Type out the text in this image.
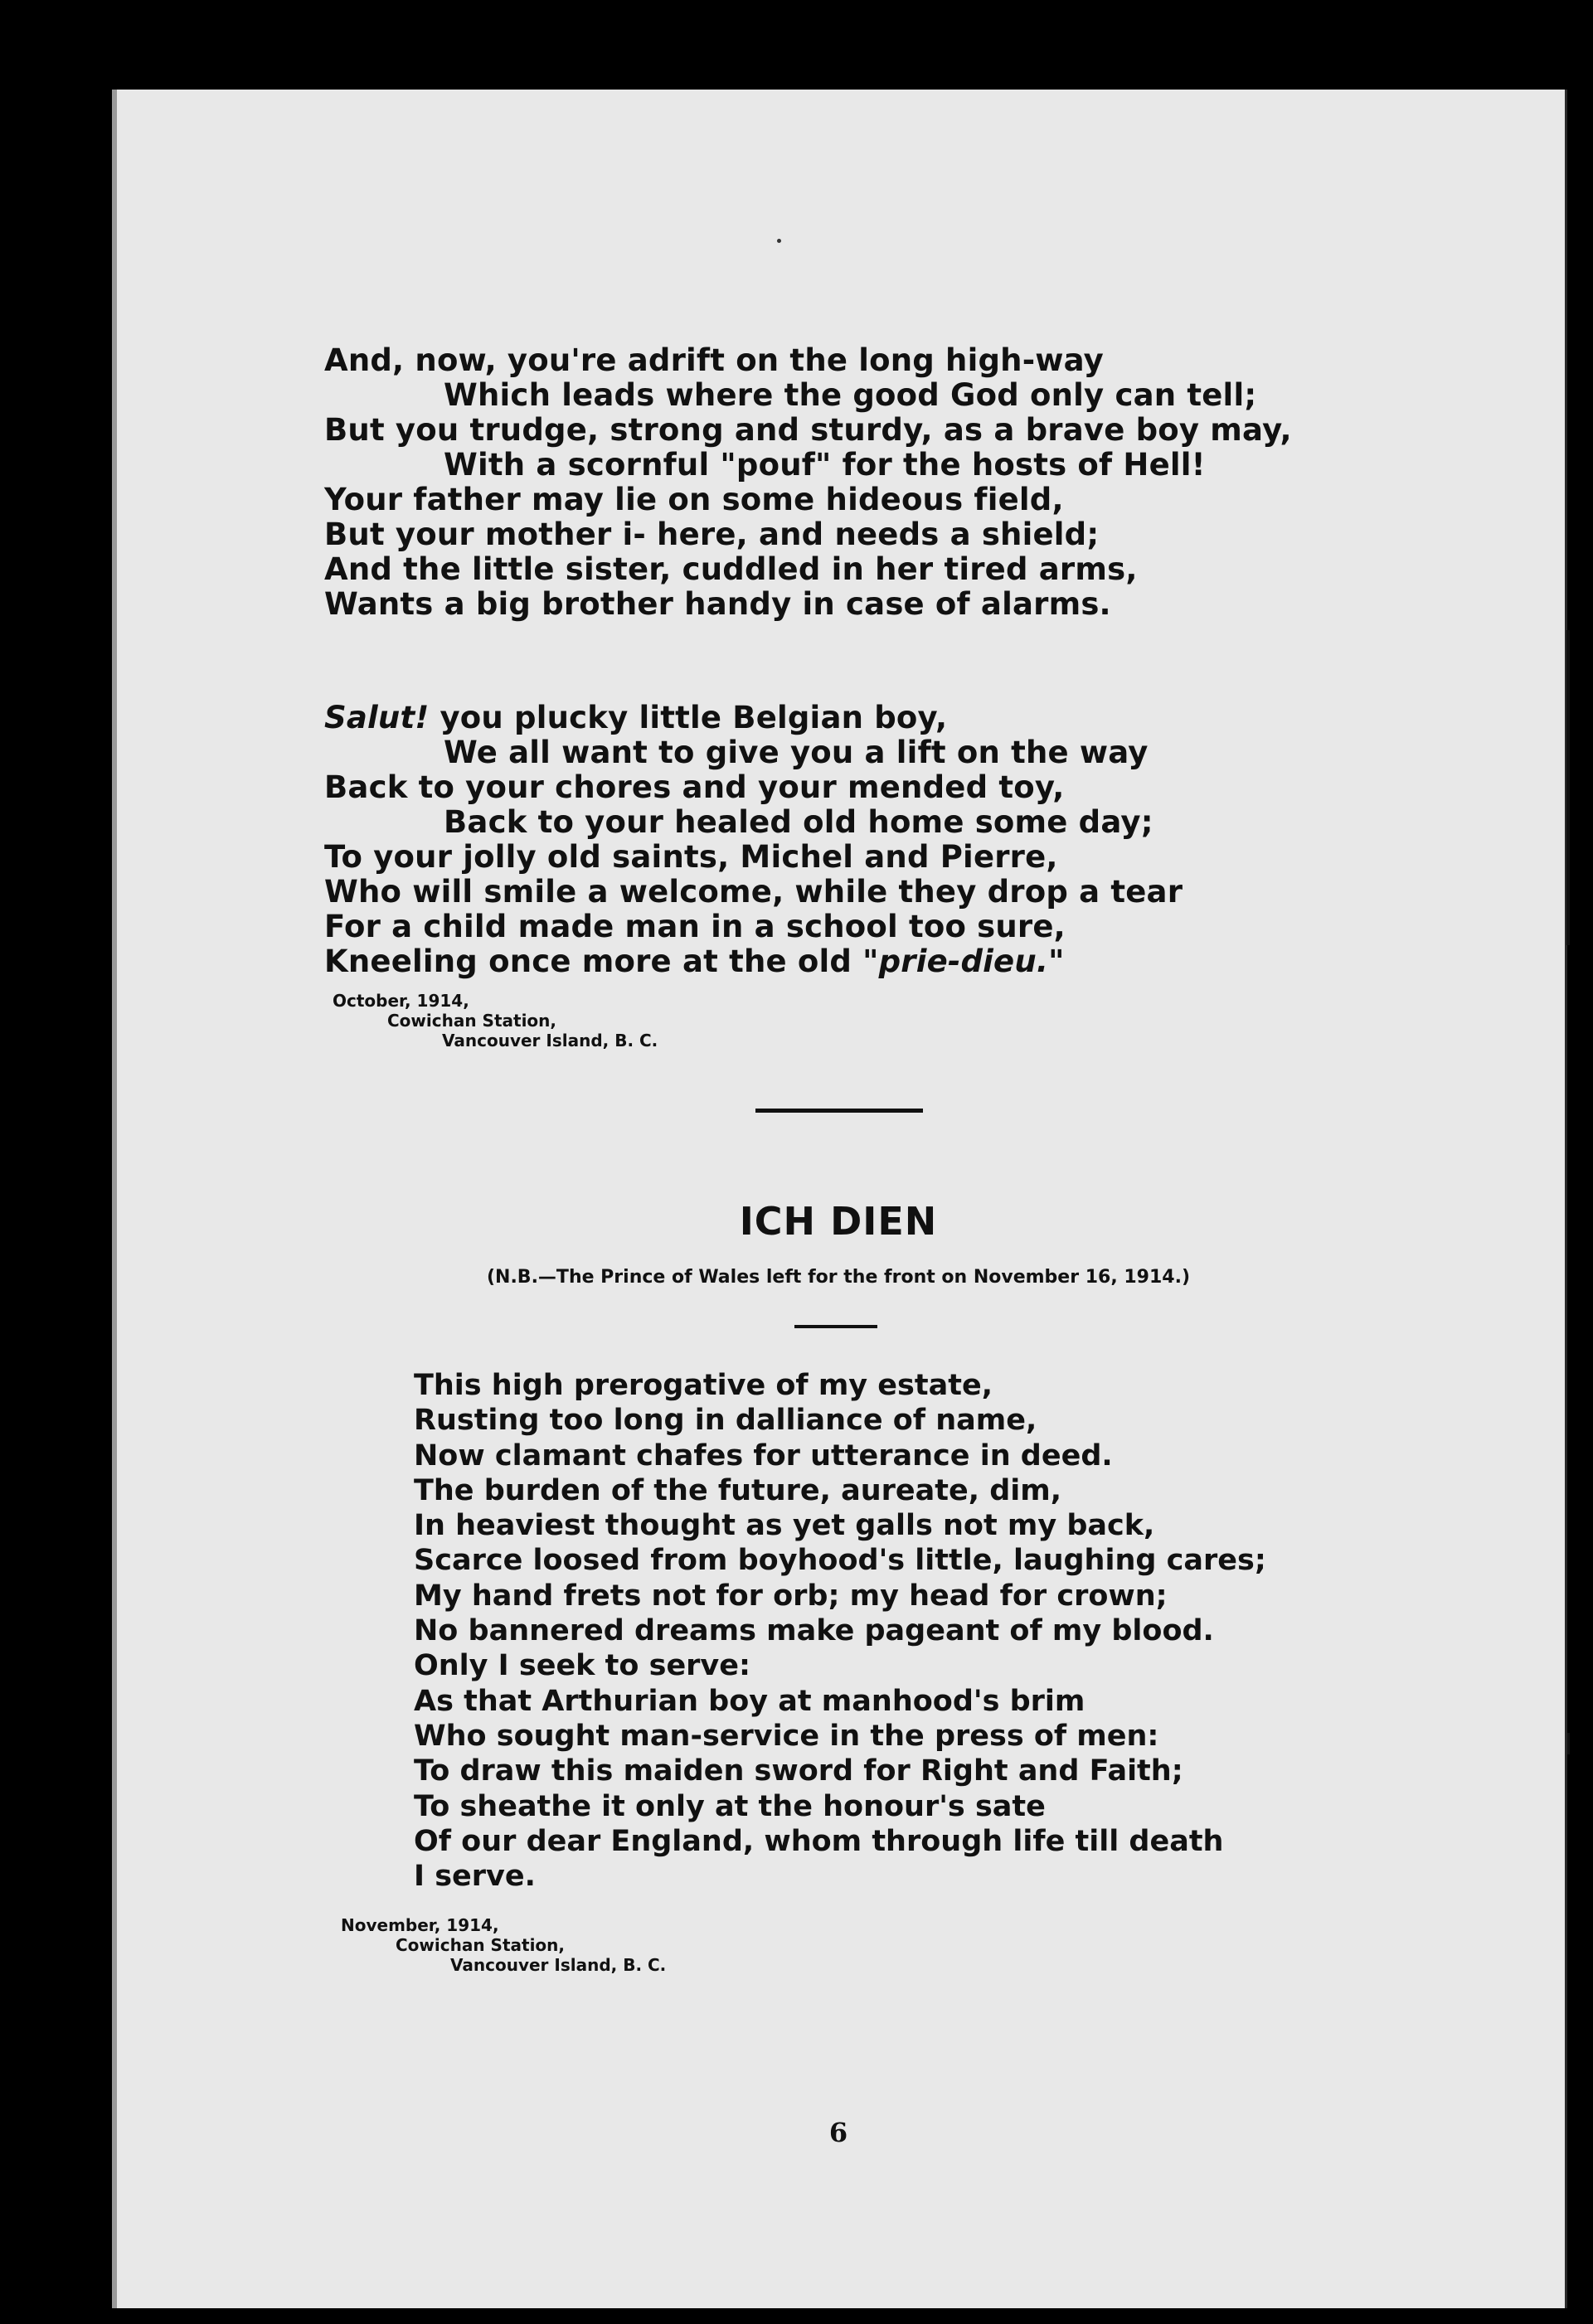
And, now, you're adrift on the long high-way
Which leads where the good God only can tell;
But you trudge, strong and sturdy, as a brave boy may,
With a scornful "pouf" for the hosts of Hell!
Your father may lie on some hideous field,
But your mother i- here, and needs a shield;
And the little sister, cuddled in her tired arms,
Wants a big brother handy in case of alarms.
Salut! you plucky little Belgian boy,
We all want to give you a lift on the way
Back to your chores and your mended toy,
Back to your healed old home some day;
To your jolly old saints, Michel and Pierre,
Who will smile a welcome, while they drop a tear
For a child made man in a school too sure,
Kneeling once more at the old "prie-dieu."
October, 1914,
Cowichan Station,
Vancouver Island, B. C.
ICH DIEN
(N.B.—The Prince of Wales left for the front on November 16, 1914.)
This high prerogative of my estate,
Rusting too long in dalliance of name,
Now clamant chafes for utterance in deed.
The burden of the future, aureate, dim,
In heaviest thought as yet galls not my back,
Scarce loosed from boyhood's little, laughing cares;
My hand frets not for orb; my head for crown;
No bannered dreams make pageant of my blood.
Only I seek to serve:
As that Arthurian boy at manhood's brim
Who sought man-service in the press of men:
To draw this maiden sword for Right and Faith;
To sheathe it only at the honour's sate
Of our dear England, whom through life till death
I serve.
November, 1914,
Cowichan Station,
Vancouver Island, B. C.
6
